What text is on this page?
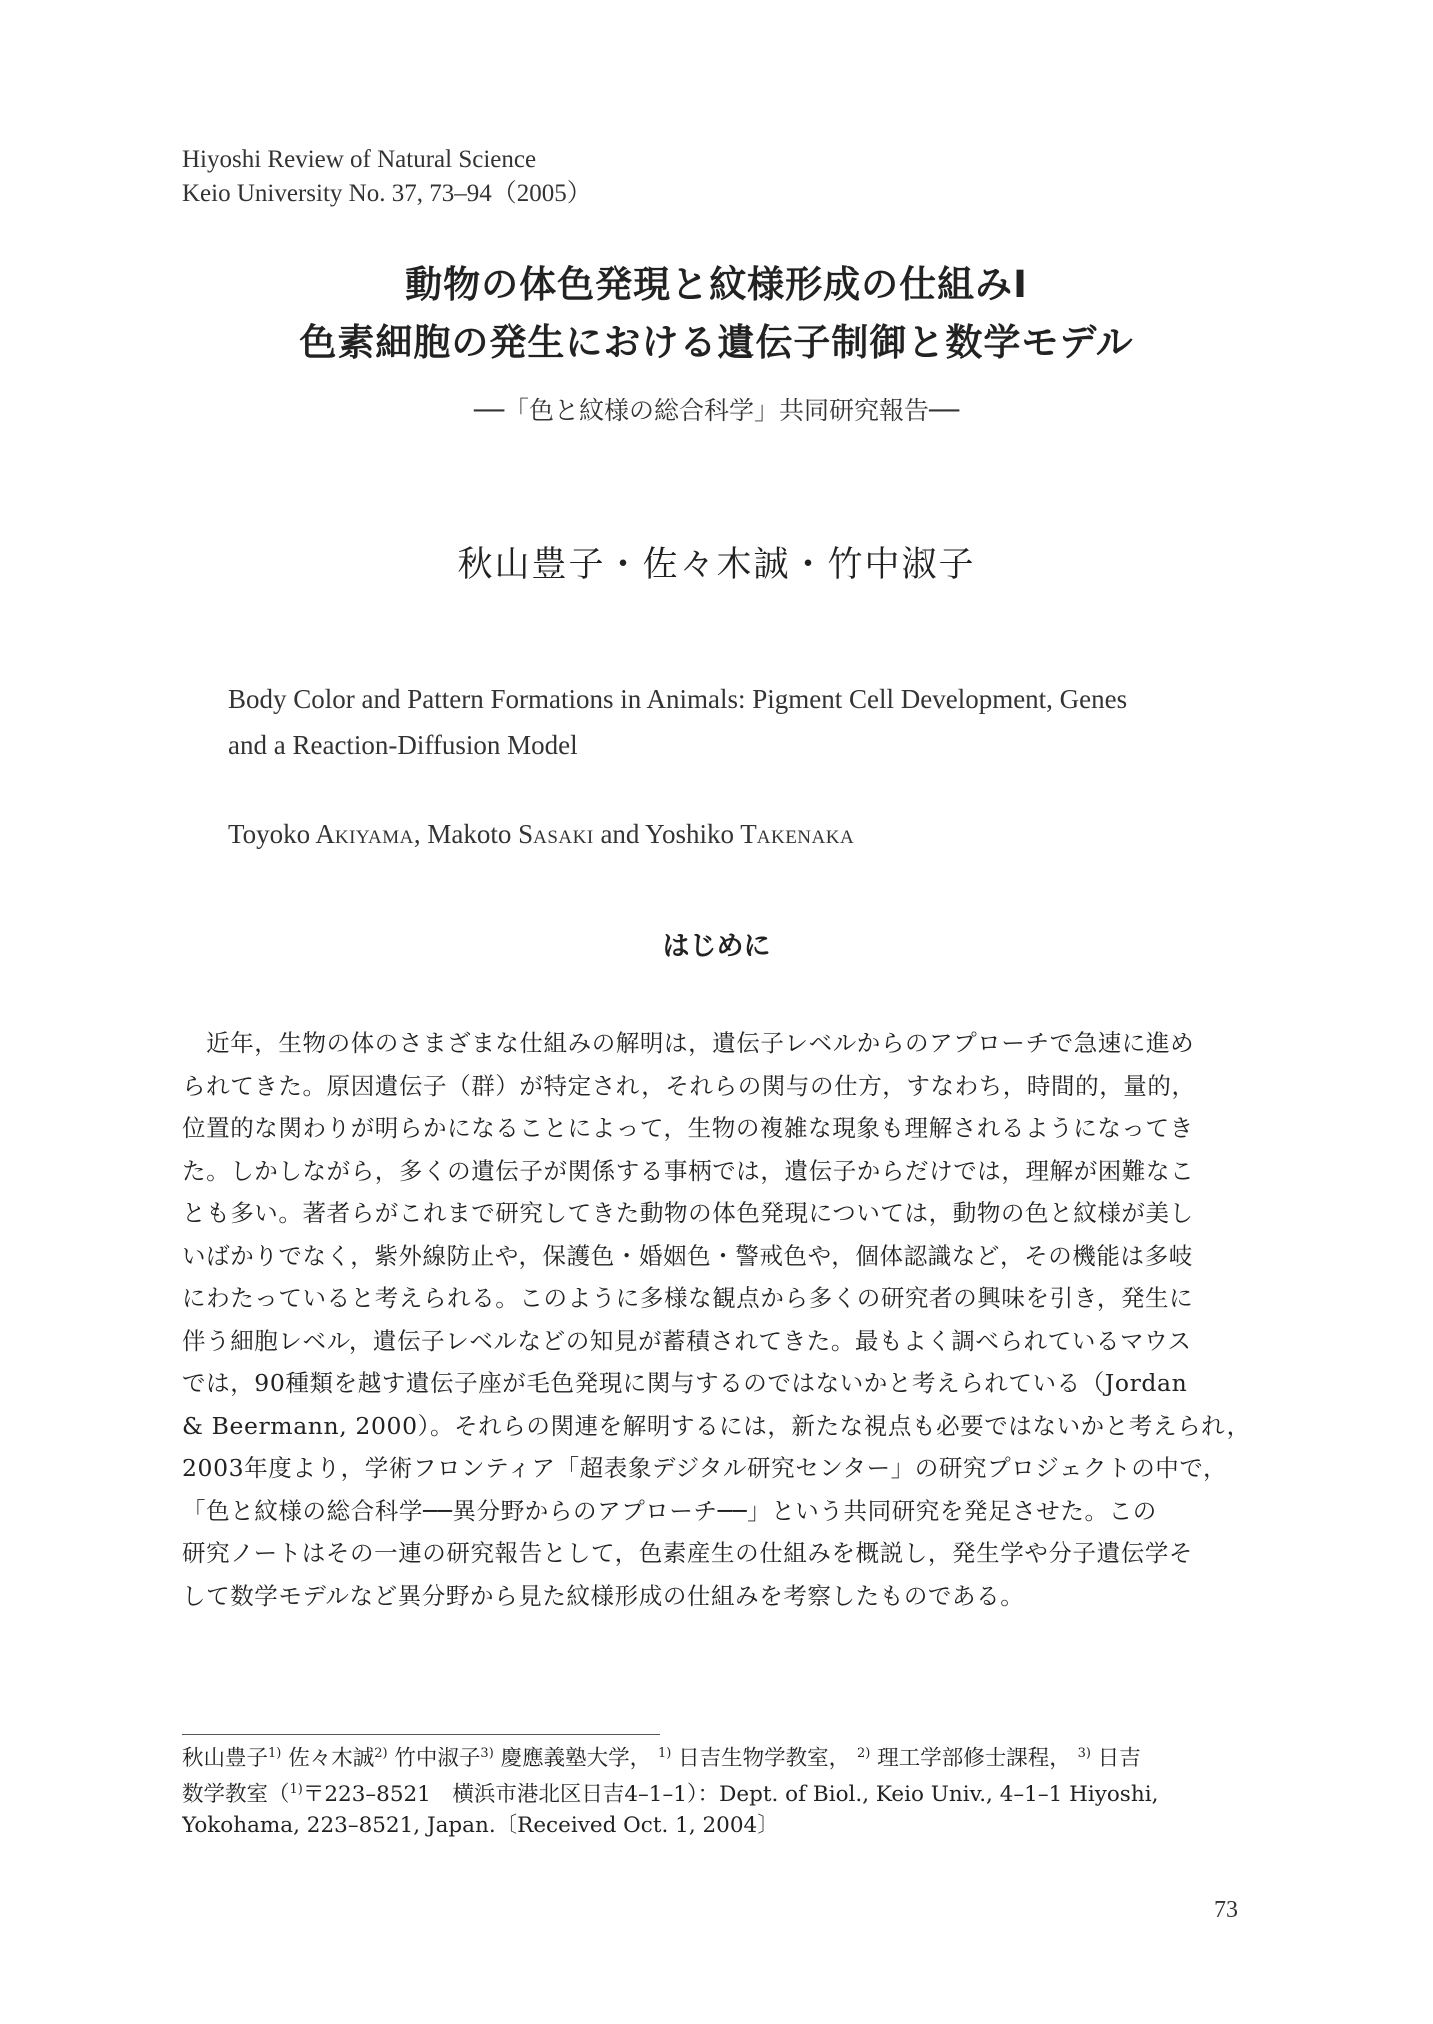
Hiyoshi Review of Natural Science
Keio University No. 37, 73–94（2005）
動物の体色発現と紋様形成の仕組みⅠ
色素細胞の発生における遺伝子制御と数学モデル
──「色と紋様の総合科学」共同研究報告──
秋山豊子・佐々木誠・竹中淑子
Body Color and Pattern Formations in Animals: Pigment Cell Development, Genes
and a Reaction-Diffusion Model
Toyoko AKIYAMA, Makoto SASAKI and Yoshiko TAKENAKA
はじめに
　近年，生物の体のさまざまな仕組みの解明は，遺伝子レベルからのアプローチで急速に進め
られてきた。原因遺伝子（群）が特定され，それらの関与の仕方，すなわち，時間的，量的，
位置的な関わりが明らかになることによって，生物の複雑な現象も理解されるようになってき
た。しかしながら，多くの遺伝子が関係する事柄では，遺伝子からだけでは，理解が困難なこ
とも多い。著者らがこれまで研究してきた動物の体色発現については，動物の色と紋様が美し
いばかりでなく，紫外線防止や，保護色・婚姻色・警戒色や，個体認識など，その機能は多岐
にわたっていると考えられる。このように多様な観点から多くの研究者の興味を引き，発生に
伴う細胞レベル，遺伝子レベルなどの知見が蓄積されてきた。最もよく調べられているマウス
では，90種類を越す遺伝子座が毛色発現に関与するのではないかと考えられている（Jordan
& Beermann, 2000）。それらの関連を解明するには，新たな視点も必要ではないかと考えられ，
2003年度より，学術フロンティア「超表象デジタル研究センター」の研究プロジェクトの中で，
「色と紋様の総合科学──異分野からのアプローチ──」という共同研究を発足させた。この
研究ノートはその一連の研究報告として，色素産生の仕組みを概説し，発生学や分子遺伝学そ
して数学モデルなど異分野から見た紋様形成の仕組みを考察したものである。
秋山豊子$^{1)}$ 佐々木誠$^{2)}$ 竹中淑子$^{3)}$ 慶應義塾大学， $^{1)}$ 日吉生物学教室， $^{2)}$ 理工学部修士課程， $^{3)}$ 日吉
数学教室（$^{1)}$〒223–8521　横浜市港北区日吉4–1–1）：Dept. of Biol., Keio Univ., 4–1–1 Hiyoshi,
Yokohama, 223–8521, Japan.〔Received Oct. 1, 2004〕
73
